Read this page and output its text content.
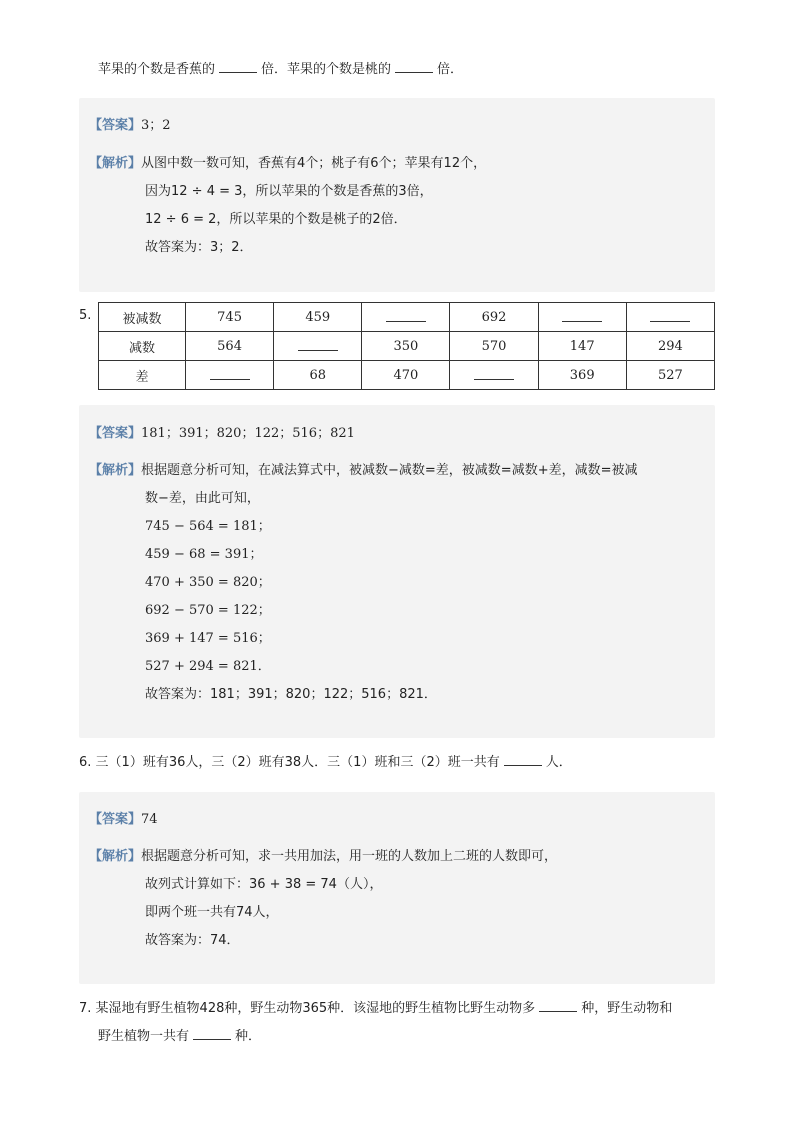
苹果的个数是香蕉的	倍．苹果的个数是桃的	倍．
【答案】3；2
【解析】从图中数一数可知，香蕉有4个；桃子有6个；苹果有12个，
因为12 ÷ 4 = 3，所以苹果的个数是香蕉的3倍，
12 ÷ 6 = 2，所以苹果的个数是桃子的2倍．
故答案为：3；2．
5. 被减数	745	459		692		
减数	564		350	570	147	294
差		68	470		369	527
【答案】181；391；820；122；516；821
【解析】根据题意分析可知，在减法算式中，被减数−减数=差，被减数=减数+差，减数=被减
数−差，由此可知，
745 − 564 = 181；
459 − 68 = 391；
470 + 350 = 820；
692 − 570 = 122；
369 + 147 = 516；
527 + 294 = 821．
故答案为：181；391；820；122；516；821．
6. 三（1）班有36人，三（2）班有38人．三（1）班和三（2）班一共有	人．
【答案】74
【解析】根据题意分析可知，求一共用加法，用一班的人数加上二班的人数即可，
故列式计算如下：36 + 38 = 74（人），
即两个班一共有74人，
故答案为：74．
7. 某湿地有野生植物428种，野生动物365种．该湿地的野生植物比野生动物多	种，野生动物和
野生植物一共有	种．
